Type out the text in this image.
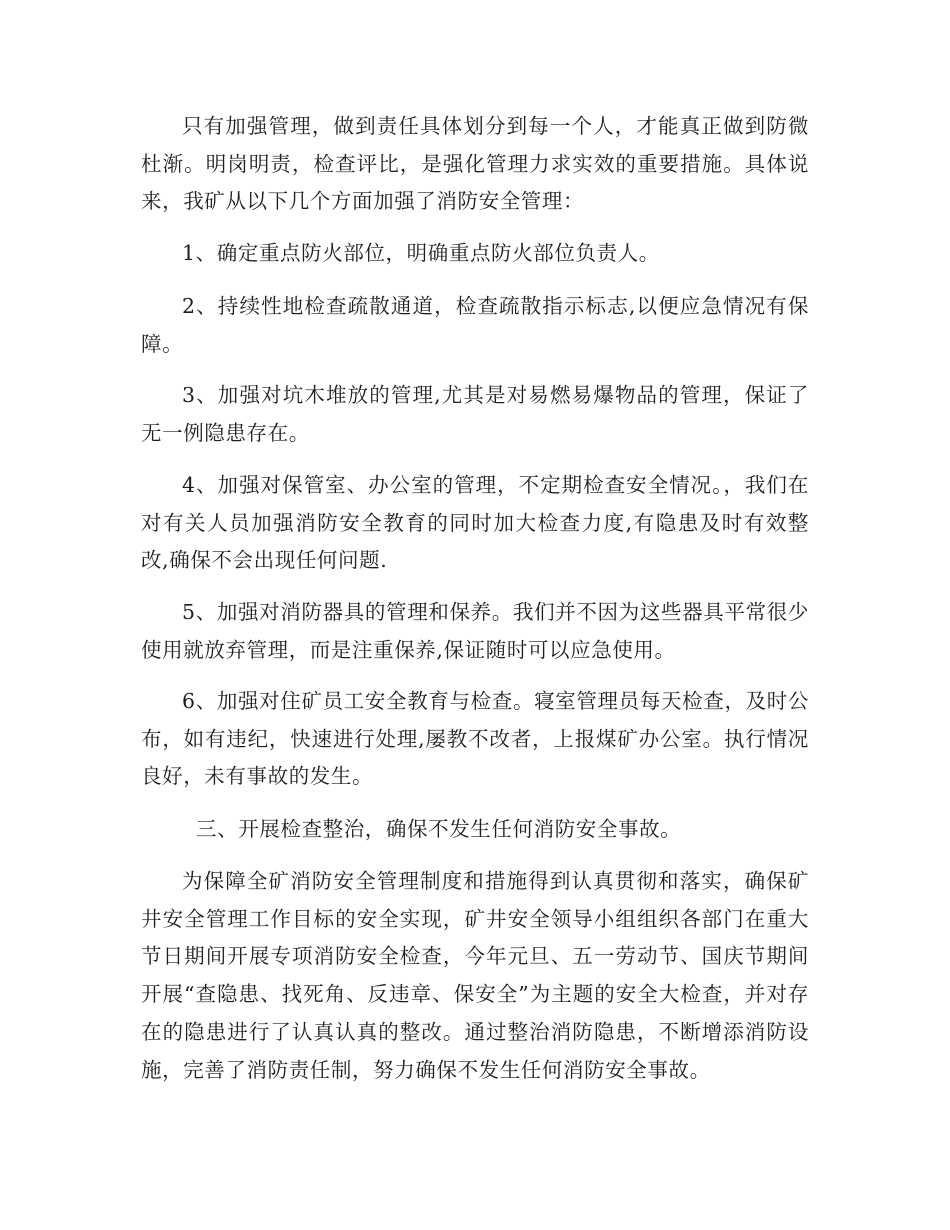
只有加强管理，做到责任具体划分到每一个人，才能真正做到防微杜渐。明岗明责，检查评比，是强化管理力求实效的重要措施。具体说来，我矿从以下几个方面加强了消防安全管理：

1、确定重点防火部位，明确重点防火部位负责人。

2、持续性地检查疏散通道，检查疏散指示标志,以便应急情况有保障。

3、加强对坑木堆放的管理,尤其是对易燃易爆物品的管理，保证了无一例隐患存在。

4、加强对保管室、办公室的管理，不定期检查安全情况。，我们在对有关人员加强消防安全教育的同时加大检查力度,有隐患及时有效整改,确保不会出现任何问题.

5、加强对消防器具的管理和保养。我们并不因为这些器具平常很少使用就放弃管理，而是注重保养,保证随时可以应急使用。

6、加强对住矿员工安全教育与检查。寝室管理员每天检查，及时公布，如有违纪，快速进行处理,屡教不改者，上报煤矿办公室。执行情况良好，未有事故的发生。

三、开展检查整治，确保不发生任何消防安全事故。

为保障全矿消防安全管理制度和措施得到认真贯彻和落实，确保矿井安全管理工作目标的安全实现，矿井安全领导小组组织各部门在重大节日期间开展专项消防安全检查，今年元旦、五一劳动节、国庆节期间开展“查隐患、找死角、反违章、保安全”为主题的安全大检查，并对存在的隐患进行了认真认真的整改。通过整治消防隐患，不断增添消防设施，完善了消防责任制，努力确保不发生任何消防安全事故。
